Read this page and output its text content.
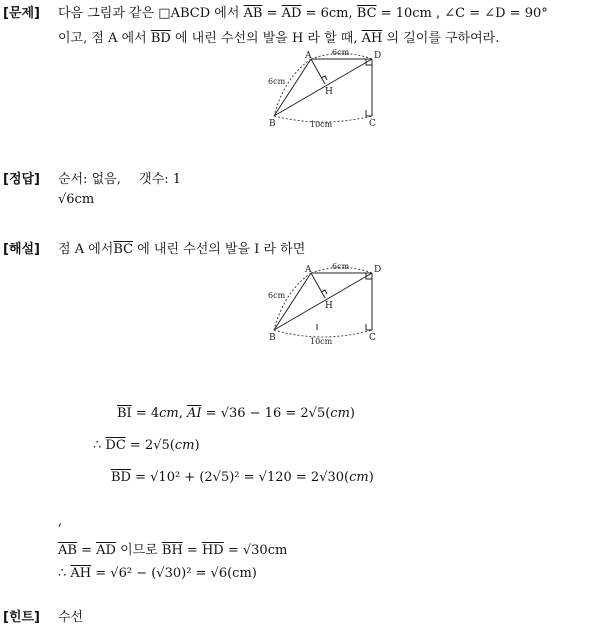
[문제] 다음 그림과 같은 □ABCD 에서 $\overline{AB} = \overline{AD} = 6cm$, $\overline{BC} = 10cm$ , ∠C = ∠D = 90°
이고, 점 A 에서 $\overline{BD}$ 에 내린 수선의 발을 H 라 할 때, $\overline{AH}$ 의 길이를 구하여라.
A	D
B	C
H
6cm
6cm
10cm
[정답] 순서: 없음, 갯수: 1
√6cm
[해설] 점 A 에서$\overline{BC}$ 에 내린 수선의 발을 I 라 하면
A	D
B	C
H
6cm
6cm
10cm
$\overline{BI} = 4cm$, $\overline{AI} = √36 - 16 = 2√5(cm)$
∴ $\overline{DC} = 2√5(cm)$
$\overline{BD} = √10^2 + (2√5)^2 = √120 = 2√30(cm)$
,
$\overline{AB} = \overline{AD}$ 이므로 $\overline{BH} = \overline{HD} = √30cm$
∴ $\overline{AH} = √6^2 - (√30)^2 = √6(cm)$
[힌트] 수선
